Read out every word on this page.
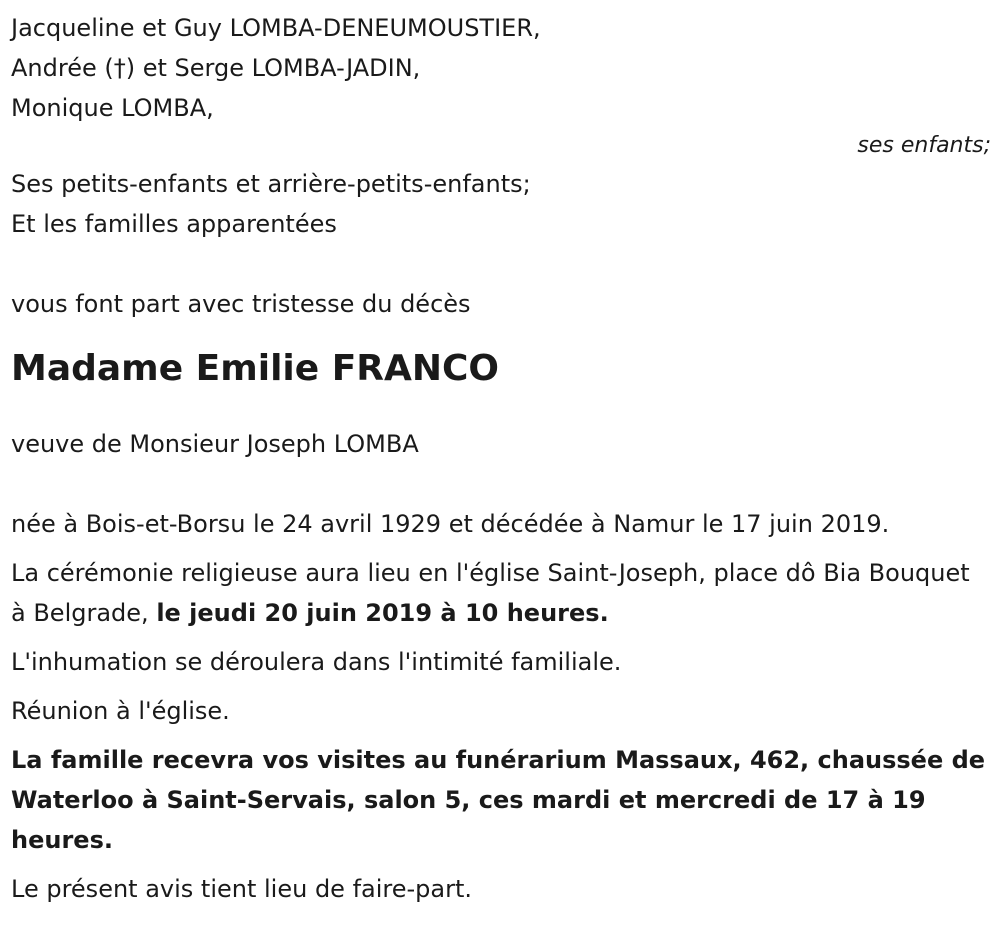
Jacqueline et Guy LOMBA-DENEUMOUSTIER,
Andrée (†) et Serge LOMBA-JADIN,
Monique LOMBA,
ses enfants;
Ses petits-enfants et arrière-petits-enfants;
Et les familles apparentées
vous font part avec tristesse du décès
Madame Emilie FRANCO
veuve de Monsieur Joseph LOMBA
née à Bois-et-Borsu le 24 avril 1929 et décédée à Namur le 17 juin 2019.
La cérémonie religieuse aura lieu en l'église Saint-Joseph, place dô Bia Bouquet à Belgrade, le jeudi 20 juin 2019 à 10 heures.
L'inhumation se déroulera dans l'intimité familiale.
Réunion à l'église.
La famille recevra vos visites au funérarium Massaux, 462, chaussée de Waterloo à Saint-Servais, salon 5, ces mardi et mercredi de 17 à 19 heures.
Le présent avis tient lieu de faire-part.
